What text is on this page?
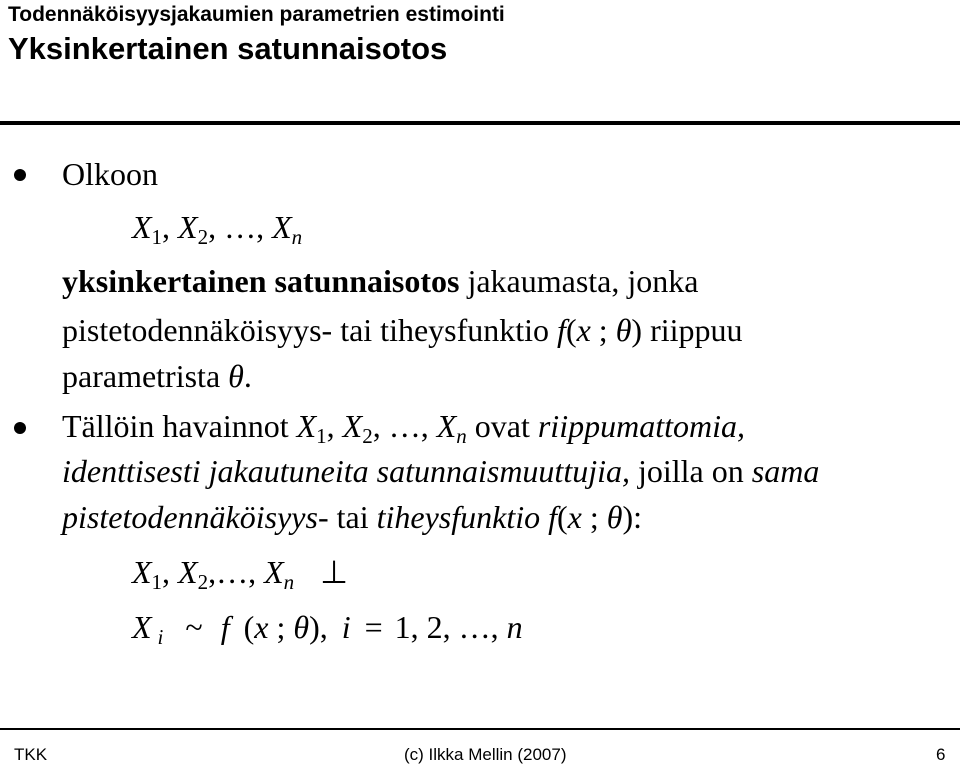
Todennäköisyysjakaumien parametrien estimointi
Yksinkertainen satunnaisotos
Olkoon
$X_1$, $X_2$, …, $X_n$
yksinkertainen satunnaisotos jakaumasta, jonka
pistetodennäköisyys- tai tiheysfunktio f(x ; θ) riippuu
parametrista θ.
Tällöin havainnot $X_1$, $X_2$, …, $X_n$ ovat riippumattomia,
identtisesti jakautuneita satunnaismuuttujia, joilla on sama
pistetodennäköisyys- tai tiheysfunktio f(x ; θ):
$X_1$, $X_2,\dots$, $X_n$ ⊥
X $_i$ ~ f (x ; θ), i = 1, 2, …, n
TKK	(c) Ilkka Mellin (2007)	6
